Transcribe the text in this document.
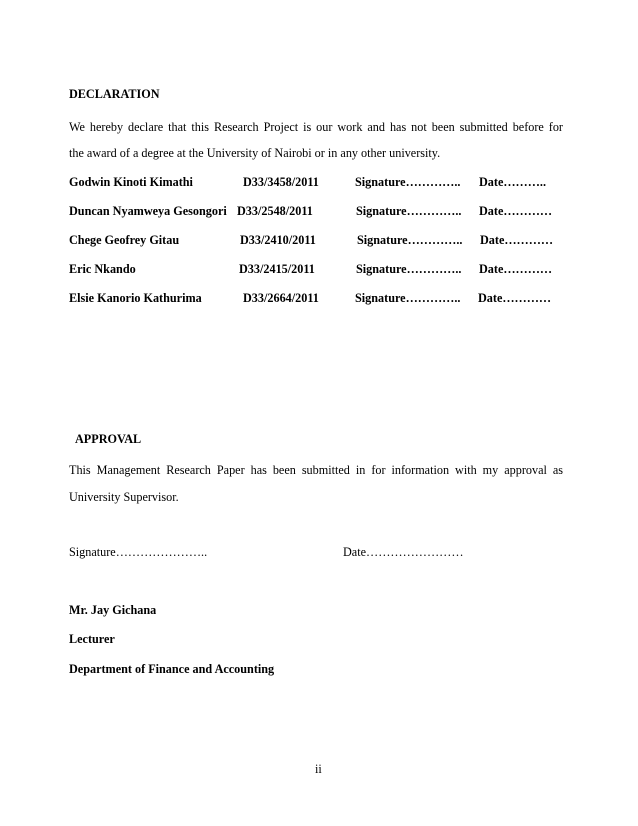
DECLARATION
We hereby declare that this Research Project is our work and has not been submitted before for
the award of a degree at the University of Nairobi or in any other university.
Godwin Kinoti Kimathi	D33/3458/2011	Signature………….. Date………..
Duncan Nyamweya Gesongori D33/2548/2011	Signature………….. Date…………
Chege Geofrey Gitau	D33/2410/2011	Signature………….. Date…………
Eric Nkando	D33/2415/2011	Signature………….. Date…………
Elsie Kanorio Kathurima	D33/2664/2011	Signature………….. Date…………
APPROVAL
This Management Research Paper has been submitted in for information with my approval as
University Supervisor.
Signature…………………..	Date……………………
Mr. Jay Gichana
Lecturer
Department of Finance and Accounting
ii
